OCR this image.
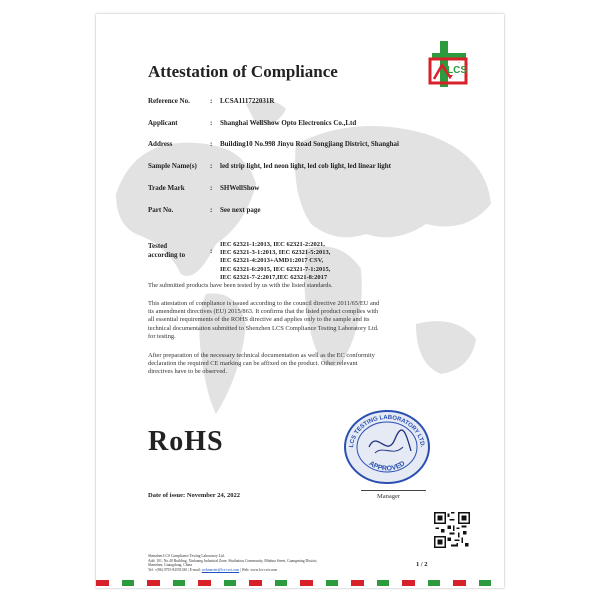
LCS
Attestation of Compliance
Reference No.	: LCSA111722031R
Applicant	: Shanghai WellShow Opto Electronics Co.,Ltd
Address	: Building10 No.998 Jinyu Road Songjiang District, Shanghai
Sample Name(s)	: led strip light, led neon light, led cob light, led linear light
Trade Mark	: SHWellShow
Part No.	: See next page
Tested
according to	:
IEC 62321-1:2013, IEC 62321-2:2021,
IEC 62321-3-1:2013, IEC 62321-5:2013,
IEC 62321-4:2013+AMD1:2017 CSV,
IEC 62321-6:2015, IEC 62321-7-1:2015,
IEC 62321-7-2:2017,IEC 62321-8:2017
The submitted products have been tested by us with the listed standards.
This attestation of compliance is issued according to the council directive 2011/65/EU and
its amendment directives (EU) 2015/863. It confirms that the listed product complies with
all essential requirements of the ROHS directive and applies only to the sample and its
technical documentation submitted to Shenzhen LCS Compliance Testing Laboratory Ltd.
for testing.
After preparation of the necessary technical documentation as well as the EC conformity
declaration the required CE marking can be affixed on the product. Other relevant
directives have to be observed.
RoHS	LCS TESTING LABORATORY LTD.
APPROVED
Date of issue: November 24, 2022	Manager
Shenzhen LCS Compliance Testing Laboratory Ltd.
Add: 101, No.40 Building, Xinhuang Industrial Zone, Shaibaitou Community, Minhua Street, Guangming District,
Shenzhen, Guangdong, China
Tel: +(86) 0755-82591330 | E-mail: webmaster@lcs-cert.com | Web: www.lcs-cert.com
1 / 2
